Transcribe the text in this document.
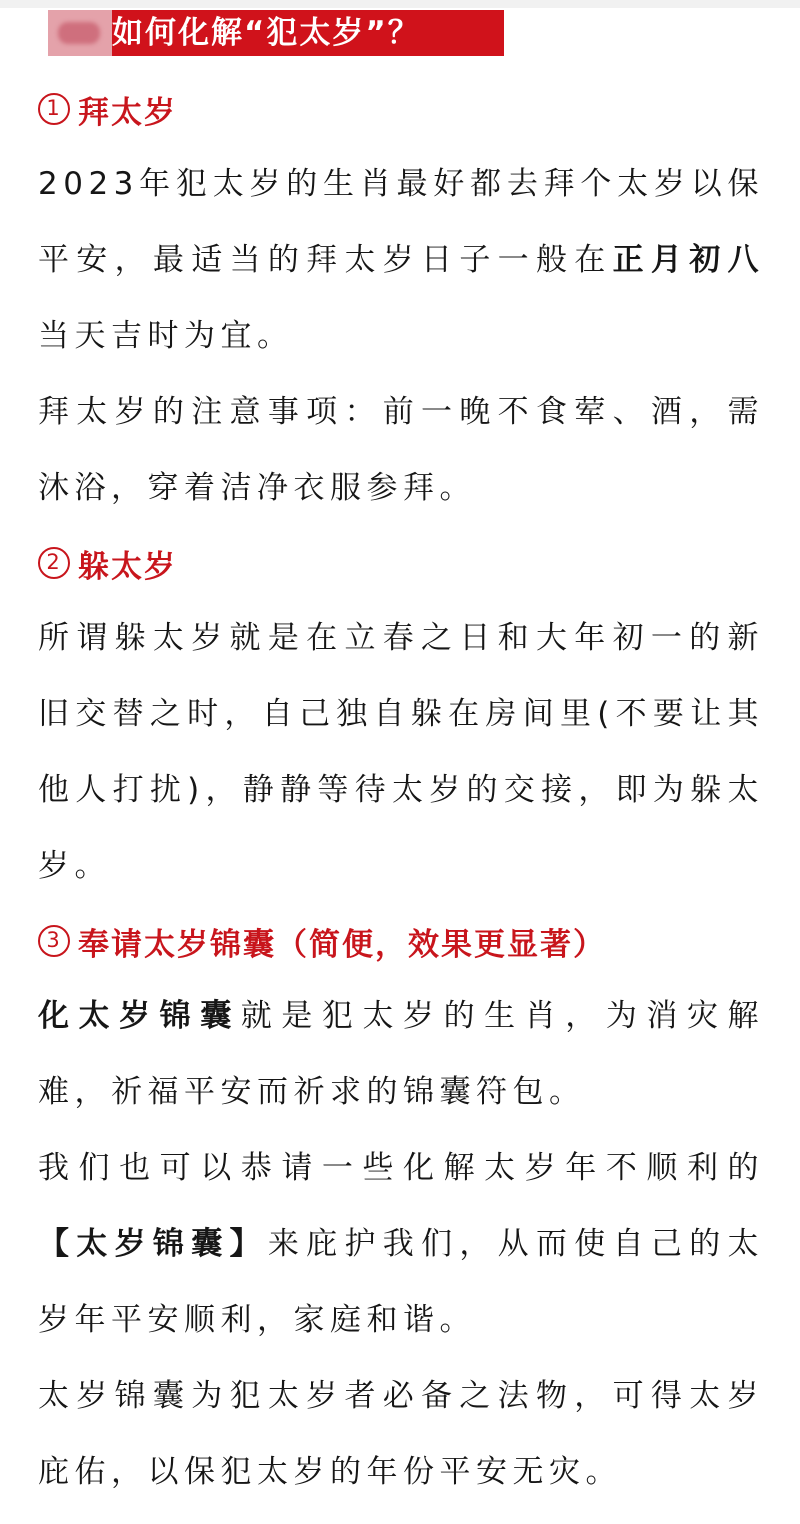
如何化解“犯太岁”？
1 拜太岁

2023年犯太岁的生肖最好都去拜个太岁以保平安，最适当的拜太岁日子一般在正月初八当天吉时为宜。

拜太岁的注意事项：前一晚不食荤、酒，需沐浴，穿着洁净衣服参拜。

2 躲太岁

所谓躲太岁就是在立春之日和大年初一的新旧交替之时，自己独自躲在房间里(不要让其他人打扰)，静静等待太岁的交接，即为躲太岁。

3 奉请太岁锦囊（简便，效果更显著）

化太岁锦囊就是犯太岁的生肖，为消灾解难，祈福平安而祈求的锦囊符包。

我们也可以恭请一些化解太岁年不顺利的【太岁锦囊】来庇护我们，从而使自己的太岁年平安顺利，家庭和谐。

太岁锦囊为犯太岁者必备之法物，可得太岁庇佑，以保犯太岁的年份平安无灾。
